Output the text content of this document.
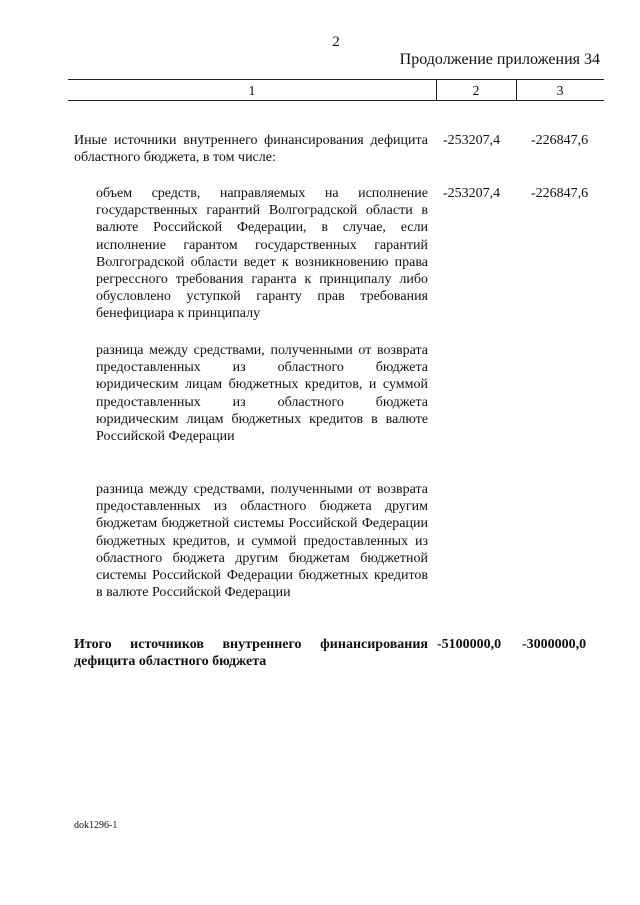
2
Продолжение приложения 34
1	2	3
Иные источники внутреннего финансирования дефицита областного бюджета, в том числе:
-253207,4 -226847,6
объем средств, направляемых на исполнение государственных гарантий Волгоградской области в валюте Российской Федерации, в случае, если исполнение гарантом государственных гарантий Волгоградской области ведет к возникновению права регрессного требования гаранта к принципалу либо обусловлено уступкой гаранту прав требования бенефициара к принципалу
-253207,4 -226847,6
разница между средствами, полученными от возврата предоставленных из областного бюджета юридическим лицам бюджетных кредитов, и суммой предоставленных из областного бюджета юридическим лицам бюджетных кредитов в валюте Российской Федерации
разница между средствами, полученными от возврата предоставленных из областного бюджета другим бюджетам бюджетной системы Российской Федерации бюджетных кредитов, и суммой предоставленных из областного бюджета другим бюджетам бюджетной системы Российской Федерации бюджетных кредитов в валюте Российской Федерации
Итого источников внутреннего финансирования дефицита областного бюджета
-5100000,0 -3000000,0
dok1296-1
